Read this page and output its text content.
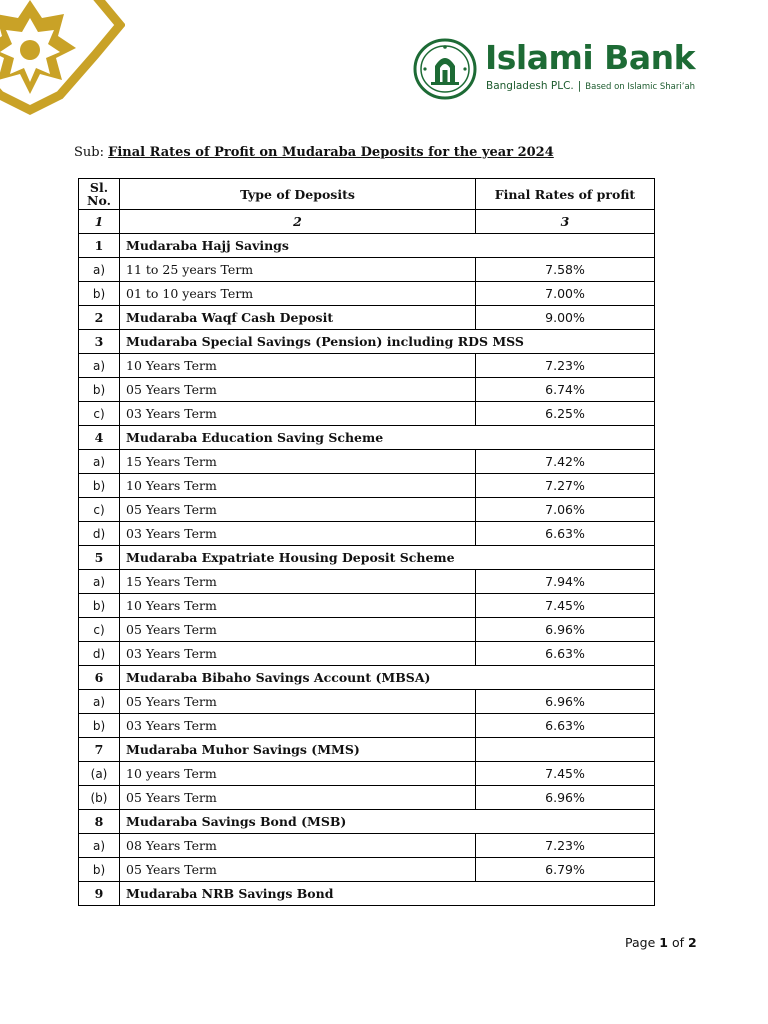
Islami Bank
Bangladesh PLC. | Based on Islamic Shari’ah
Sub: Final Rates of Profit on Mudaraba Deposits for the year 2024
Sl. No.	Type of Deposits	Final Rates of profit
1	2	3
1	Mudaraba Hajj Savings	
a)	11 to 25 years Term	7.58%
b)	01 to 10 years Term	7.00%
2	Mudaraba Waqf Cash Deposit	9.00%
3	Mudaraba Special Savings (Pension) including RDS MSS	
a)	10 Years Term	7.23%
b)	05 Years Term	6.74%
c)	03 Years Term	6.25%
4	Mudaraba Education Saving Scheme	
a)	15 Years Term	7.42%
b)	10 Years Term	7.27%
c)	05 Years Term	7.06%
d)	03 Years Term	6.63%
5	Mudaraba Expatriate Housing Deposit Scheme	
a)	15 Years Term	7.94%
b)	10 Years Term	7.45%
c)	05 Years Term	6.96%
d)	03 Years Term	6.63%
6	Mudaraba Bibaho Savings Account (MBSA)	
a)	05 Years Term	6.96%
b)	03 Years Term	6.63%
7	Mudaraba Muhor Savings (MMS)	
(a)	10 years Term	7.45%
(b)	05 Years Term	6.96%
8	Mudaraba Savings Bond (MSB)	
a)	08 Years Term	7.23%
b)	05 Years Term	6.79%
9	Mudaraba NRB Savings Bond	
Page 1 of 2
